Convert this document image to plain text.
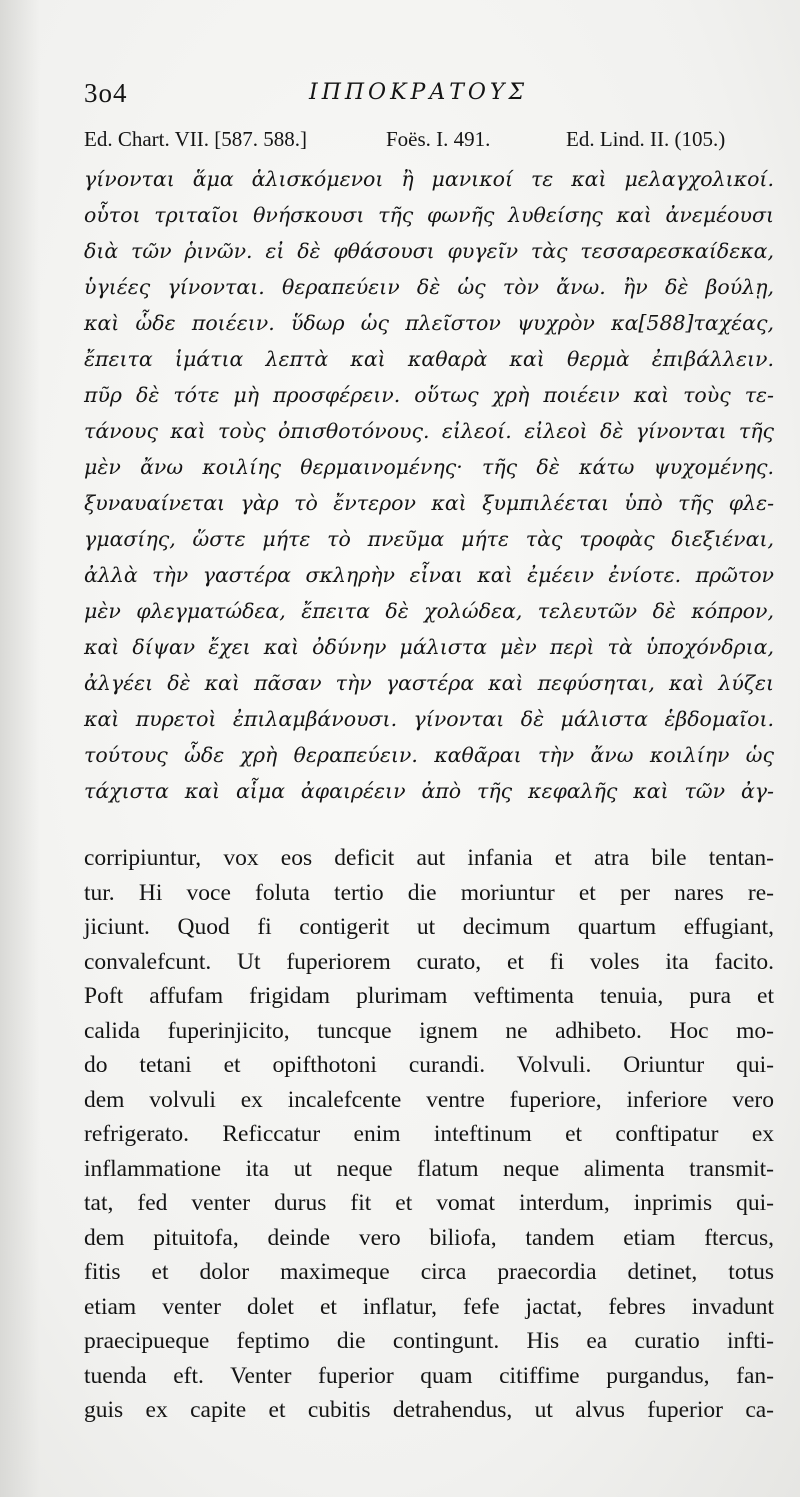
3o4	ΙΠΠΟΚΡΑΤΟΥΣ
Ed. Chart. VII. [587. 588.]	Foës. I. 491.	Ed. Lind. II. (105.)
γίνονται ἅμα ἁλισκόμενοι ἢ μανικοί τε καὶ μελαγχολικοί.
οὗτοι τριταῖοι θνήσκουσι τῆς φωνῆς λυθείσης καὶ ἀνεμέουσι
διὰ τῶν ῥινῶν. εἰ δὲ φθάσουσι φυγεῖν τὰς τεσσαρεσκαίδεκα,
ὑγιέες γίνονται. θεραπεύειν δὲ ὡς τὸν ἄνω. ἢν δὲ βούλῃ,
καὶ ὧδε ποιέειν. ὕδωρ ὡς πλεῖστον ψυχρὸν κα[588]ταχέας,
ἔπειτα ἱμάτια λεπτὰ καὶ καθαρὰ καὶ θερμὰ ἐπιβάλλειν.
πῦρ δὲ τότε μὴ προσφέρειν. οὕτως χρὴ ποιέειν καὶ τοὺς τε-
τάνους καὶ τοὺς ὀπισθοτόνους. εἰλεοί. εἰλεοὶ δὲ γίνονται τῆς
μὲν ἄνω κοιλίης θερμαινομένης· τῆς δὲ κάτω ψυχομένης.
ξυναυαίνεται γὰρ τὸ ἔντερον καὶ ξυμπιλέεται ὑπὸ τῆς φλε-
γμασίης, ὥστε μήτε τὸ πνεῦμα μήτε τὰς τροφὰς διεξιέναι,
ἀλλὰ τὴν γαστέρα σκληρὴν εἶναι καὶ ἐμέειν ἐνίοτε. πρῶτον
μὲν φλεγματώδεα, ἔπειτα δὲ χολώδεα, τελευτῶν δὲ κόπρον,
καὶ δίψαν ἔχει καὶ ὀδύνην μάλιστα μὲν περὶ τὰ ὑποχόνδρια,
ἀλγέει δὲ καὶ πᾶσαν τὴν γαστέρα καὶ πεφύσηται, καὶ λύζει
καὶ πυρετοὶ ἐπιλαμβάνουσι. γίνονται δὲ μάλιστα ἑβδομαῖοι.
τούτους ὧδε χρὴ θεραπεύειν. καθᾶραι τὴν ἄνω κοιλίην ὡς
τάχιστα καὶ αἷμα ἀφαιρέειν ἀπὸ τῆς κεφαλῆς καὶ τῶν ἀγ-
corripiuntur, vox eos deficit aut infania et atra bile tentan-
tur. Hi voce foluta tertio die moriuntur et per nares re-
jiciunt. Quod fi contigerit ut decimum quartum effugiant,
convalefcunt. Ut fuperiorem curato, et fi voles ita facito.
Poft affufam frigidam plurimam veftimenta tenuia, pura et
calida fuperinjicito, tuncque ignem ne adhibeto. Hoc mo-
do tetani et opifthotoni curandi. Volvuli. Oriuntur qui-
dem volvuli ex incalefcente ventre fuperiore, inferiore vero
refrigerato. Reficcatur enim inteftinum et conftipatur ex
inflammatione ita ut neque flatum neque alimenta transmit-
tat, fed venter durus fit et vomat interdum, inprimis qui-
dem pituitofa, deinde vero biliofa, tandem etiam ftercus,
fitis et dolor maximeque circa praecordia detinet, totus
etiam venter dolet et inflatur, fefe jactat, febres invadunt
praecipueque feptimo die contingunt. His ea curatio infti-
tuenda eft. Venter fuperior quam citiffime purgandus, fan-
guis ex capite et cubitis detrahendus, ut alvus fuperior ca-
